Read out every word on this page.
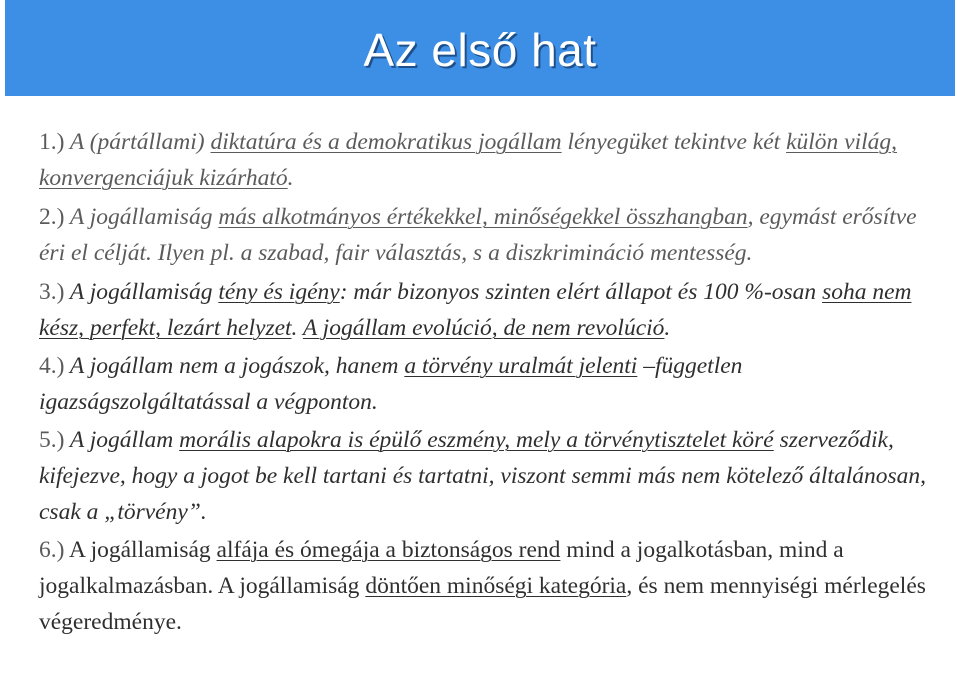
Az első hat
1.) A (pártállami) diktatúra és a demokratikus jogállam lényegüket tekintve két külön világ, konvergenciájuk kizárható.
2.) A jogállamiság más alkotmányos értékekkel, minőségekkel összhangban, egymást erősítve éri el célját. Ilyen pl. a szabad, fair választás, s a diszkrimináció mentesség.
3.) A jogállamiság tény és igény: már bizonyos szinten elért állapot és 100 %-osan soha nem kész, perfekt, lezárt helyzet. A jogállam evolúció, de nem revolúció.
4.) A jogállam nem a jogászok, hanem a törvény uralmát jelenti –független igazságszolgáltatással a végponton.
5.) A jogállam morális alapokra is épülő eszmény, mely a törvénytisztelet köré szerveződik, kifejezve, hogy a jogot be kell tartani és tartatni, viszont semmi más nem kötelező általánosan, csak a „törvény”.
6.) A jogállamiság alfája és ómegája a biztonságos rend mind a jogalkotásban, mind a jogalkalmazásban. A jogállamiság döntően minőségi kategória, és nem mennyiségi mérlegelés végeredménye.
